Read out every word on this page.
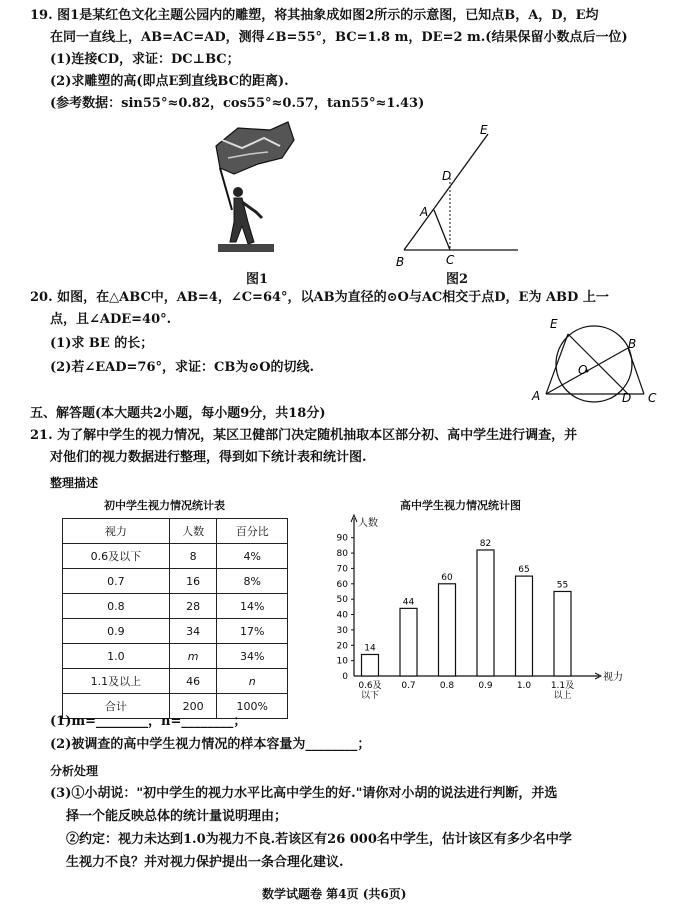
19. 图1是某红色文化主题公园内的雕塑，将其抽象成如图2所示的示意图，已知点B，A，D，E均
在同一直线上，AB=AC=AD，测得∠B=55°，BC=1.8 m，DE=2 m.(结果保留小数点后一位)
(1)连接CD，求证：DC⊥BC；
(2)求雕塑的高(即点E到直线BC的距离).
(参考数据：sin55°≈0.82，cos55°≈0.57，tan55°≈1.43)
图1
E
D
A
B	C
图2
20. 如图，在△ABC中，AB=4，∠C=64°，以AB为直径的⊙O与AC相交于点D，E为 ABD 上一
点，且∠ADE=40°.
(1)求 BE 的长；
(2)若∠EAD=76°，求证：CB为⊙O的切线.
E
B
O
A	D C
五、解答题(本大题共2小题，每小题9分，共18分)
21. 为了解中学生的视力情况，某区卫健部门决定随机抽取本区部分初、高中学生进行调查，并
对他们的视力数据进行整理，得到如下统计表和统计图.
整理描述
初中学生视力情况统计表
视力	人数	百分比
0.6及以下	8	4%
0.7	16	8%
0.8	28	14%
0.9	34	17%
1.0	m	34%
1.1及以上	46	n
合计	200	100%
高中学生视力情况统计图
人数
视力
0
10
20
30
40
50
60
70
80
90
14
0.6及
以下
44
0.7
60
0.8
82
0.9
65
1.0
55
1.1及
以上
(1)m=________，n=________；
(2)被调查的高中学生视力情况的样本容量为________；
分析处理
(3)①小胡说："初中学生的视力水平比高中学生的好."请你对小胡的说法进行判断，并选
择一个能反映总体的统计量说明理由；
②约定：视力未达到1.0为视力不良.若该区有26 000名中学生，估计该区有多少名中学
生视力不良？并对视力保护提出一条合理化建议.
数学试题卷 第4页 (共6页)
